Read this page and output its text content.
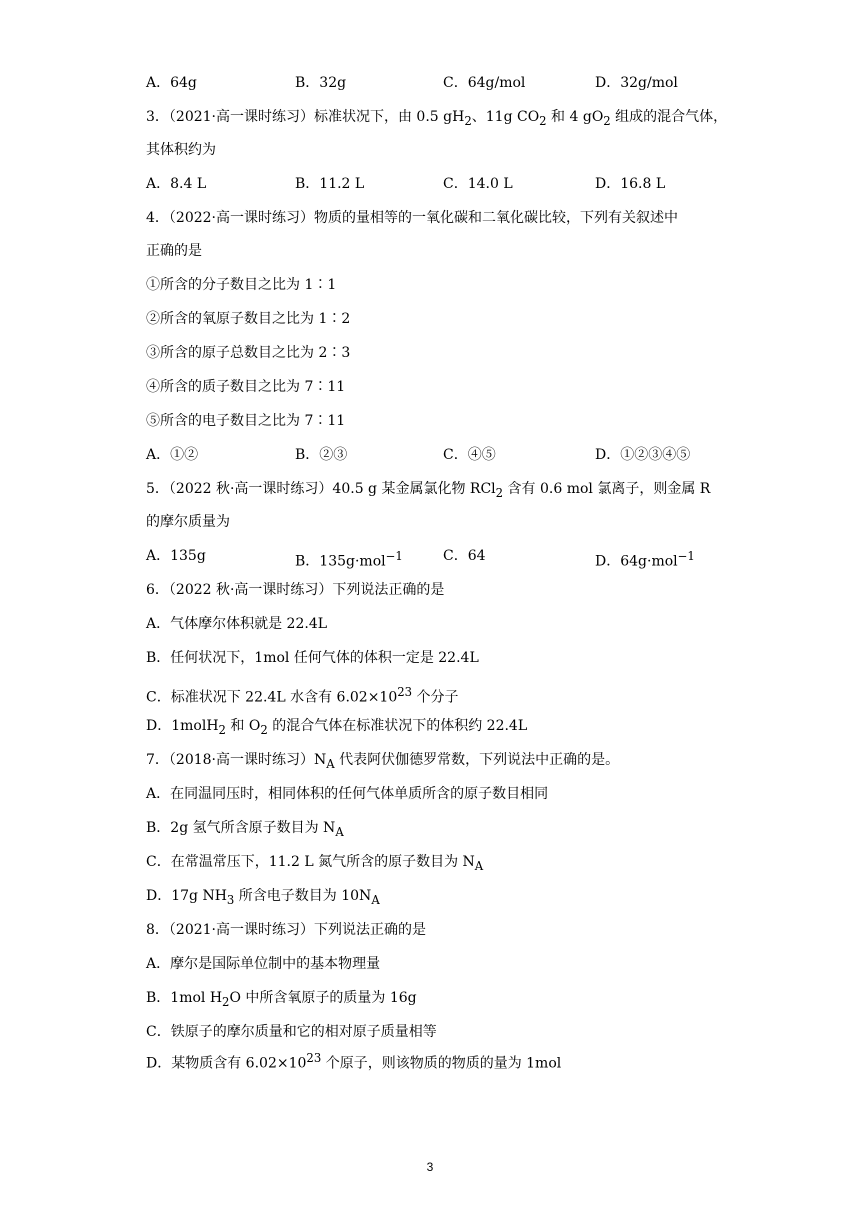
A．64g	B．32g	C．64g/mol	D．32g/mol
3．（2021·高一课时练习）标准状况下，由 0.5 $gH_2$、11g $CO_2$ 和 4 $gO_2$ 组成的混合气体，
其体积约为
A．8.4 L	B．11.2 L	C．14.0 L	D．16.8 L
4．（2022·高一课时练习）物质的量相等的一氧化碳和二氧化碳比较，下列有关叙述中
正确的是
①所含的分子数目之比为 1∶1
②所含的氧原子数目之比为 1∶2
③所含的原子总数目之比为 2∶3
④所含的质子数目之比为 7∶11
⑤所含的电子数目之比为 7∶11
A．①②	B．②③	C．④⑤	D．①②③④⑤
5．（2022 秋·高一课时练习）40.5 g 某金属氯化物 RCl$_2$ 含有 0.6 mol 氯离子，则金属 R
的摩尔质量为
A．135g	B．135g·mol$^{-1}$	C．64	D．64g·mol$^{-1}$
6．（2022 秋·高一课时练习）下列说法正确的是
A．气体摩尔体积就是 22.4L
B．任何状况下，1mol 任何气体的体积一定是 22.4L
C．标准状况下 22.4L 水含有 $6.02\times 10^{23}$ 个分子
D．1molH$_2$ 和 $O_2$ 的混合气体在标准状况下的体积约 22.4L
7．（2018·高一课时练习）$N_A$ 代表阿伏伽德罗常数，下列说法中正确的是。
A．在同温同压时，相同体积的任何气体单质所含的原子数目相同
B．2g 氢气所含原子数目为 $N_A$
C．在常温常压下，11.2 L 氮气所含的原子数目为 $N_A$
D．17g $NH_3$ 所含电子数目为 $10N_A$
8．（2021·高一课时练习）下列说法正确的是
A．摩尔是国际单位制中的基本物理量
B．1mol $H_2O$ 中所含氧原子的质量为 16g
C．铁原子的摩尔质量和它的相对原子质量相等
D．某物质含有 $6.02\times 10^{23}$ 个原子，则该物质的物质的量为 1mol
3
